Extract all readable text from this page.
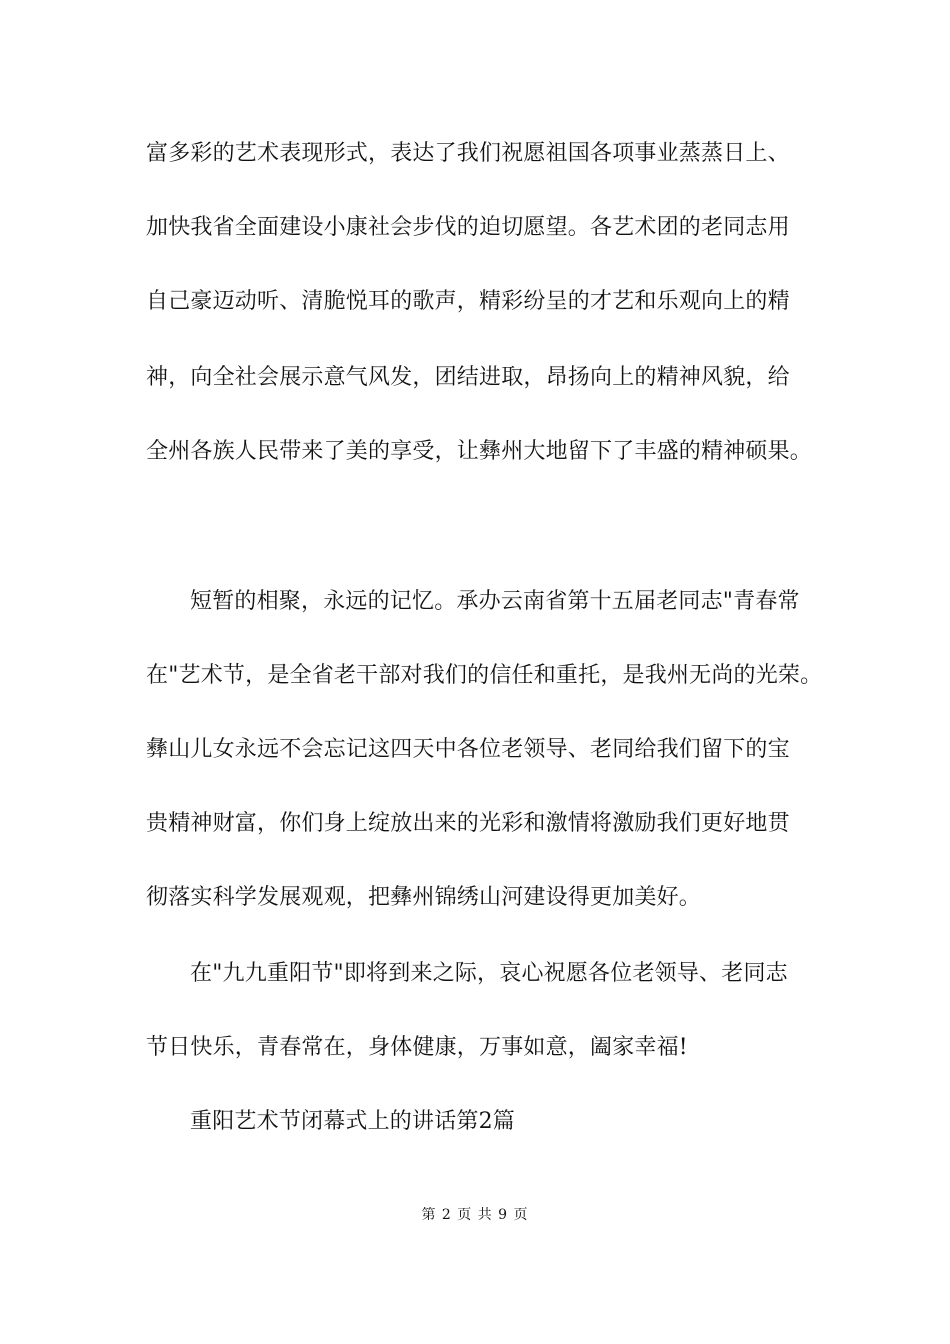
富多彩的艺术表现形式，表达了我们祝愿祖国各项事业蒸蒸日上、
加快我省全面建设小康社会步伐的迫切愿望。各艺术团的老同志用
自己豪迈动听、清脆悦耳的歌声，精彩纷呈的才艺和乐观向上的精
神，向全社会展示意气风发，团结进取，昂扬向上的精神风貌，给
全州各族人民带来了美的享受，让彝州大地留下了丰盛的精神硕果。
短暂的相聚，永远的记忆。承办云南省第十五届老同志"青春常
在"艺术节，是全省老干部对我们的信任和重托，是我州无尚的光荣。
彝山儿女永远不会忘记这四天中各位老领导、老同给我们留下的宝
贵精神财富，你们身上绽放出来的光彩和激情将激励我们更好地贯
彻落实科学发展观观，把彝州锦绣山河建设得更加美好。
在"九九重阳节"即将到来之际，哀心祝愿各位老领导、老同志
节日快乐，青春常在，身体健康，万事如意，阖家幸福!
重阳艺术节闭幕式上的讲话第2篇
第 2 页 共 9 页
